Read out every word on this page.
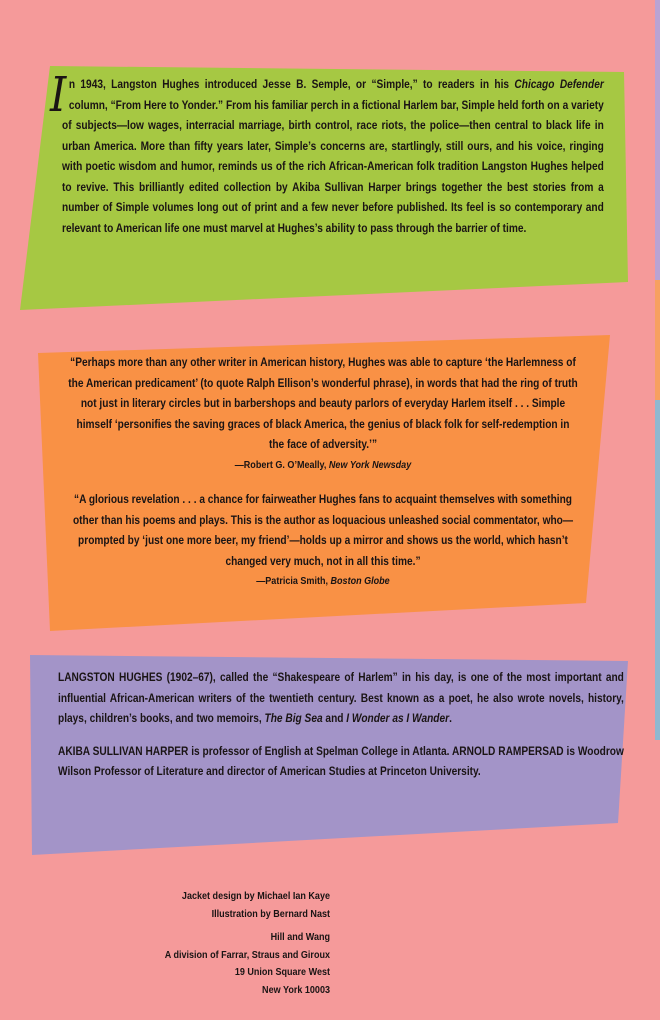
In 1943, Langston Hughes introduced Jesse B. Semple, or “Simple,” to readers in his Chicago Defender column, “From Here to Yonder.” From his familiar perch in a fictional Harlem bar, Simple held forth on a variety of subjects—low wages, interracial marriage, birth control, race riots, the police—then central to black life in urban America. More than fifty years later, Simple’s concerns are, startlingly, still ours, and his voice, ringing with poetic wisdom and humor, reminds us of the rich African-American folk tradition Langston Hughes helped to revive. This brilliantly edited collection by Akiba Sullivan Harper brings together the best stories from a number of Simple volumes long out of print and a few never before published. Its feel is so contemporary and relevant to American life one must marvel at Hughes’s ability to pass through the barrier of time.
“Perhaps more than any other writer in American history, Hughes was able to capture ‘the Harlemness of the American predicament’ (to quote Ralph Ellison’s wonderful phrase), in words that had the ring of truth not just in literary circles but in barbershops and beauty parlors of everyday Harlem itself . . . Simple himself ‘personifies the saving graces of black America, the genius of black folk for self-redemption in the face of adversity.’”
—Robert G. O’Meally, New York Newsday
“A glorious revelation . . . a chance for fairweather Hughes fans to acquaint themselves with something other than his poems and plays. This is the author as loquacious unleashed social commentator, who—prompted by ‘just one more beer, my friend’—holds up a mirror and shows us the world, which hasn’t changed very much, not in all this time.”
—Patricia Smith, Boston Globe
LANGSTON HUGHES (1902–67), called the “Shakespeare of Harlem” in his day, is one of the most important and influential African-American writers of the twentieth century. Best known as a poet, he also wrote novels, history, plays, children’s books, and two memoirs, The Big Sea and I Wonder as I Wander.
AKIBA SULLIVAN HARPER is professor of English at Spelman College in Atlanta. ARNOLD RAMPERSAD is Woodrow Wilson Professor of Literature and director of American Studies at Princeton University.
Jacket design by Michael Ian Kaye
Illustration by Bernard Nast
Hill and Wang
A division of Farrar, Straus and Giroux
19 Union Square West
New York 10003
